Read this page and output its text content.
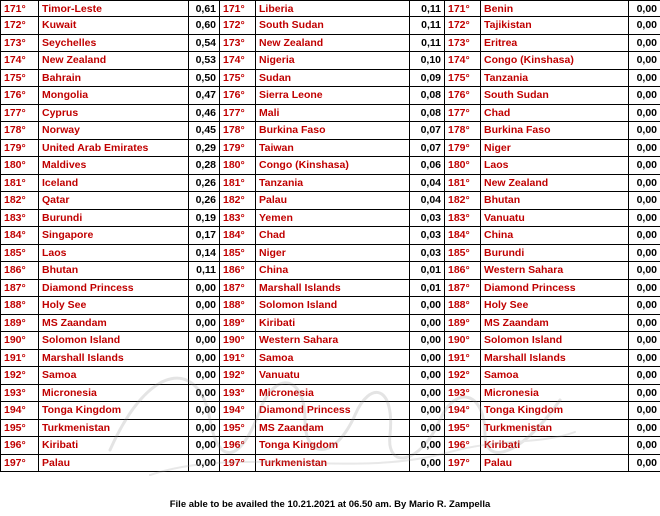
171°	Timor-Leste	0,61	171°	Liberia	0,11	171°	Benin	0,00
172°	Kuwait	0,60	172°	South Sudan	0,11	172°	Tajikistan	0,00
173°	Seychelles	0,54	173°	New Zealand	0,11	173°	Eritrea	0,00
174°	New Zealand	0,53	174°	Nigeria	0,10	174°	Congo (Kinshasa)	0,00
175°	Bahrain	0,50	175°	Sudan	0,09	175°	Tanzania	0,00
176°	Mongolia	0,47	176°	Sierra Leone	0,08	176°	South Sudan	0,00
177°	Cyprus	0,46	177°	Mali	0,08	177°	Chad	0,00
178°	Norway	0,45	178°	Burkina Faso	0,07	178°	Burkina Faso	0,00
179°	United Arab Emirates	0,29	179°	Taiwan	0,07	179°	Niger	0,00
180°	Maldives	0,28	180°	Congo (Kinshasa)	0,06	180°	Laos	0,00
181°	Iceland	0,26	181°	Tanzania	0,04	181°	New Zealand	0,00
182°	Qatar	0,26	182°	Palau	0,04	182°	Bhutan	0,00
183°	Burundi	0,19	183°	Yemen	0,03	183°	Vanuatu	0,00
184°	Singapore	0,17	184°	Chad	0,03	184°	China	0,00
185°	Laos	0,14	185°	Niger	0,03	185°	Burundi	0,00
186°	Bhutan	0,11	186°	China	0,01	186°	Western Sahara	0,00
187°	Diamond Princess	0,00	187°	Marshall Islands	0,01	187°	Diamond Princess	0,00
188°	Holy See	0,00	188°	Solomon Island	0,00	188°	Holy See	0,00
189°	MS Zaandam	0,00	189°	Kiribati	0,00	189°	MS Zaandam	0,00
190°	Solomon Island	0,00	190°	Western Sahara	0,00	190°	Solomon Island	0,00
191°	Marshall Islands	0,00	191°	Samoa	0,00	191°	Marshall Islands	0,00
192°	Samoa	0,00	192°	Vanuatu	0,00	192°	Samoa	0,00
193°	Micronesia	0,00	193°	Micronesia	0,00	193°	Micronesia	0,00
194°	Tonga Kingdom	0,00	194°	Diamond Princess	0,00	194°	Tonga Kingdom	0,00
195°	Turkmenistan	0,00	195°	MS Zaandam	0,00	195°	Turkmenistan	0,00
196°	Kiribati	0,00	196°	Tonga Kingdom	0,00	196°	Kiribati	0,00
197°	Palau	0,00	197°	Turkmenistan	0,00	197°	Palau	0,00
File able to be availed the 10.21.2021 at 06.50 am. By Mario R. Zampella
